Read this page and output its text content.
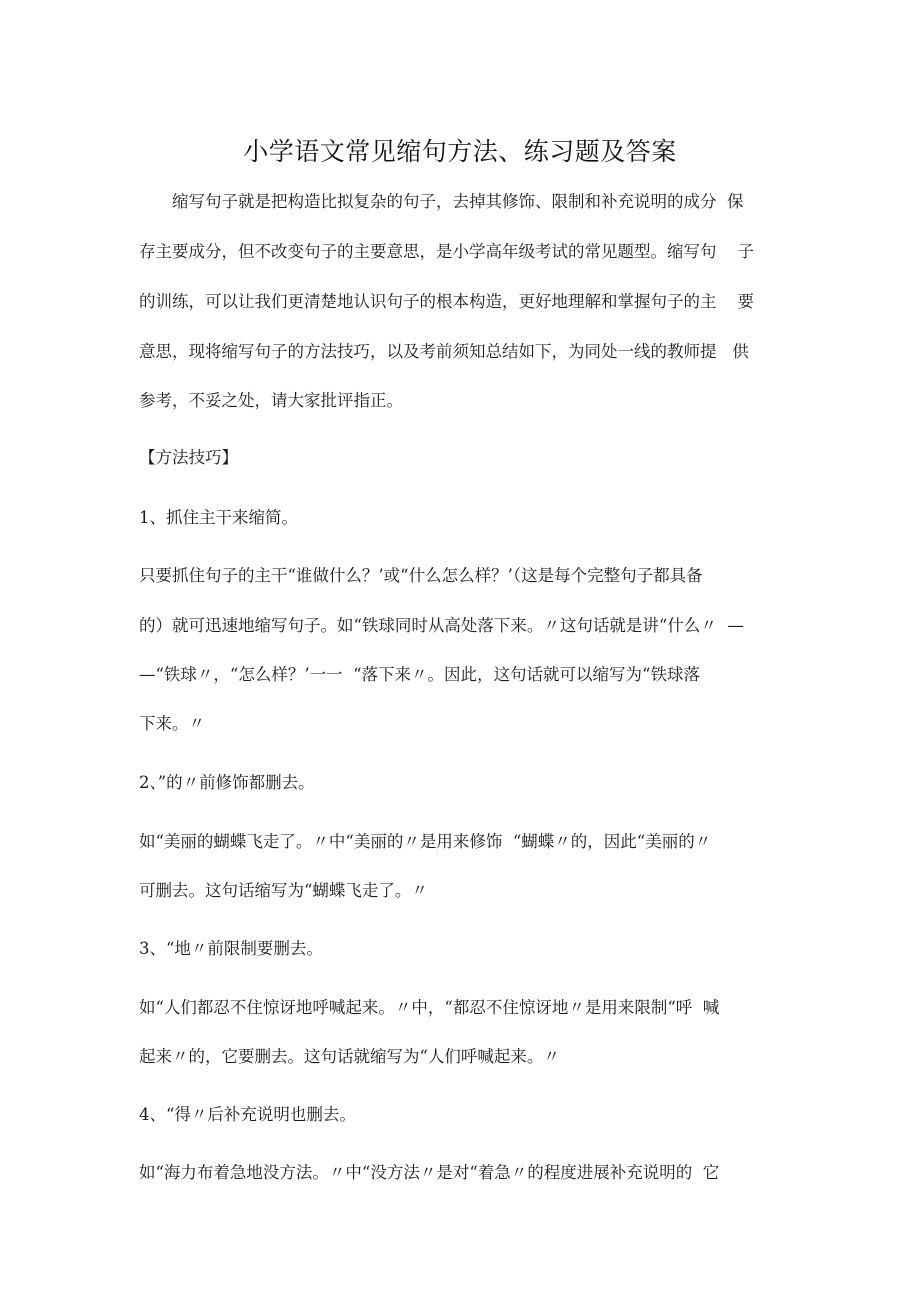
小学语文常见缩句方法、练习题及答案
缩写句子就是把构造比拟复杂的句子，去掉其修饰、限制和补充说明的成分  保
存主要成分，但不改变句子的主要意思，是小学高年级考试的常见题型。缩写句    子
的训练，可以让我们更清楚地认识句子的根本构造，更好地理解和掌握句子的主    要
意思，现将缩写句子的方法技巧，以及考前须知总结如下，为同处一线的教师提   供
参考，不妥之处，请大家批评指正。
【方法技巧】
1、抓住主干来缩简。
只要抓住句子的主干“谁做什么？’或“什么怎么样？’（这是每个完整句子都具备
的）就可迅速地缩写句子。如“铁球同时从高处落下来。〃这句话就是讲“什么〃  —
—“铁球〃，“怎么样？’一一  “落下来〃。因此，这句话就可以缩写为“铁球落
下来。〃
2、”的〃前修饰都删去。
如“美丽的蝴蝶飞走了。〃中“美丽的〃是用来修饰  “蝴蝶〃的，因此“美丽的〃
可删去。这句话缩写为“蝴蝶飞走了。〃
3、“地〃前限制要删去。
如“人们都忍不住惊讶地呼喊起来。〃中，“都忍不住惊讶地〃是用来限制“呼  喊
起来〃的，它要删去。这句话就缩写为“人们呼喊起来。〃
4、“得〃后补充说明也删去。
如“海力布着急地没方法。〃中“没方法〃是对“着急〃的程度进展补充说明的  它
